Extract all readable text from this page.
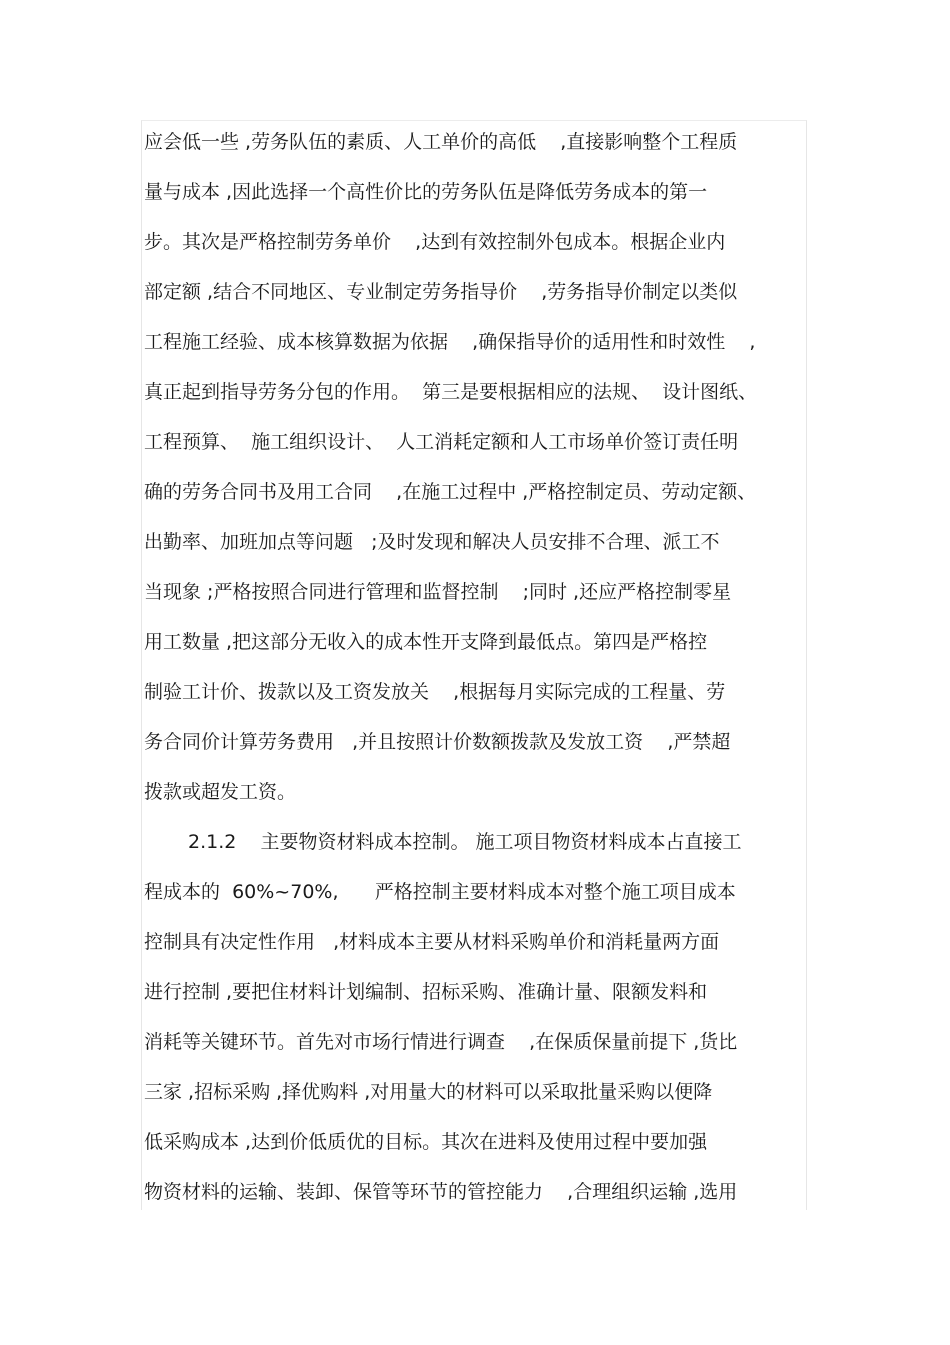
应会低一些 ,劳务队伍的素质、人工单价的高低    ,直接影响整个工程质
量与成本 ,因此选择一个高性价比的劳务队伍是降低劳务成本的第一
步。其次是严格控制劳务单价    ,达到有效控制外包成本。根据企业内
部定额 ,结合不同地区、专业制定劳务指导价    ,劳务指导价制定以类似
工程施工经验、成本核算数据为依据    ,确保指导价的适用性和时效性    ,
真正起到指导劳务分包的作用。  第三是要根据相应的法规、  设计图纸、
工程预算、  施工组织设计、  人工消耗定额和人工市场单价签订责任明
确的劳务合同书及用工合同    ,在施工过程中 ,严格控制定员、劳动定额、
出勤率、加班加点等问题   ;及时发现和解决人员安排不合理、派工不
当现象 ;严格按照合同进行管理和监督控制    ;同时 ,还应严格控制零星
用工数量 ,把这部分无收入的成本性开支降到最低点。第四是严格控
制验工计价、拨款以及工资发放关    ,根据每月实际完成的工程量、劳
务合同价计算劳务费用   ,并且按照计价数额拨款及发放工资    ,严禁超
拨款或超发工资。
2.1.2    主要物资材料成本控制。 施工项目物资材料成本占直接工
程成本的  60%~70%,      严格控制主要材料成本对整个施工项目成本
控制具有决定性作用   ,材料成本主要从材料采购单价和消耗量两方面
进行控制 ,要把住材料计划编制、招标采购、准确计量、限额发料和
消耗等关键环节。首先对市场行情进行调查    ,在保质保量前提下 ,货比
三家 ,招标采购 ,择优购料 ,对用量大的材料可以采取批量采购以便降
低采购成本 ,达到价低质优的目标。其次在进料及使用过程中要加强
物资材料的运输、装卸、保管等环节的管控能力    ,合理组织运输 ,选用
